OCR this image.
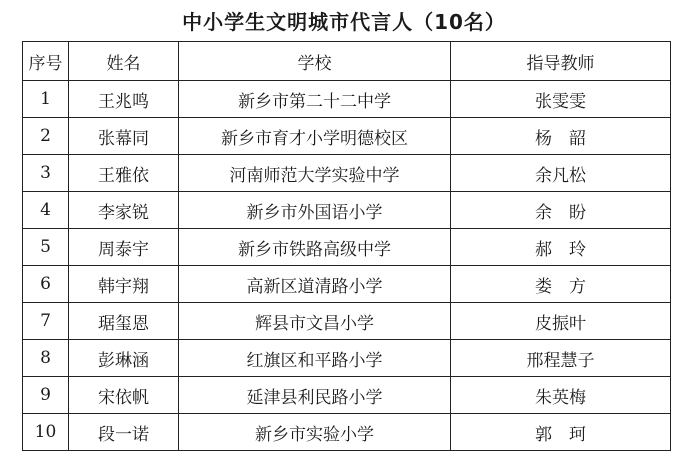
中小学生文明城市代言人（10名）
序号	姓名	学校	指导教师
1	王兆鸣	新乡市第二十二中学	张雯雯
2	张幕同	新乡市育才小学明德校区	杨　韶
3	王雅依	河南师范大学实验中学	余凡松
4	李家锐	新乡市外国语小学	余　盼
5	周泰宇	新乡市铁路高级中学	郝　玲
6	韩宇翔	高新区道清路小学	娄　方
7	琚玺恩	辉县市文昌小学	皮振叶
8	彭琳涵	红旗区和平路小学	邢程慧子
9	宋依帆	延津县利民路小学	朱英梅
10	段一诺	新乡市实验小学	郭　珂
